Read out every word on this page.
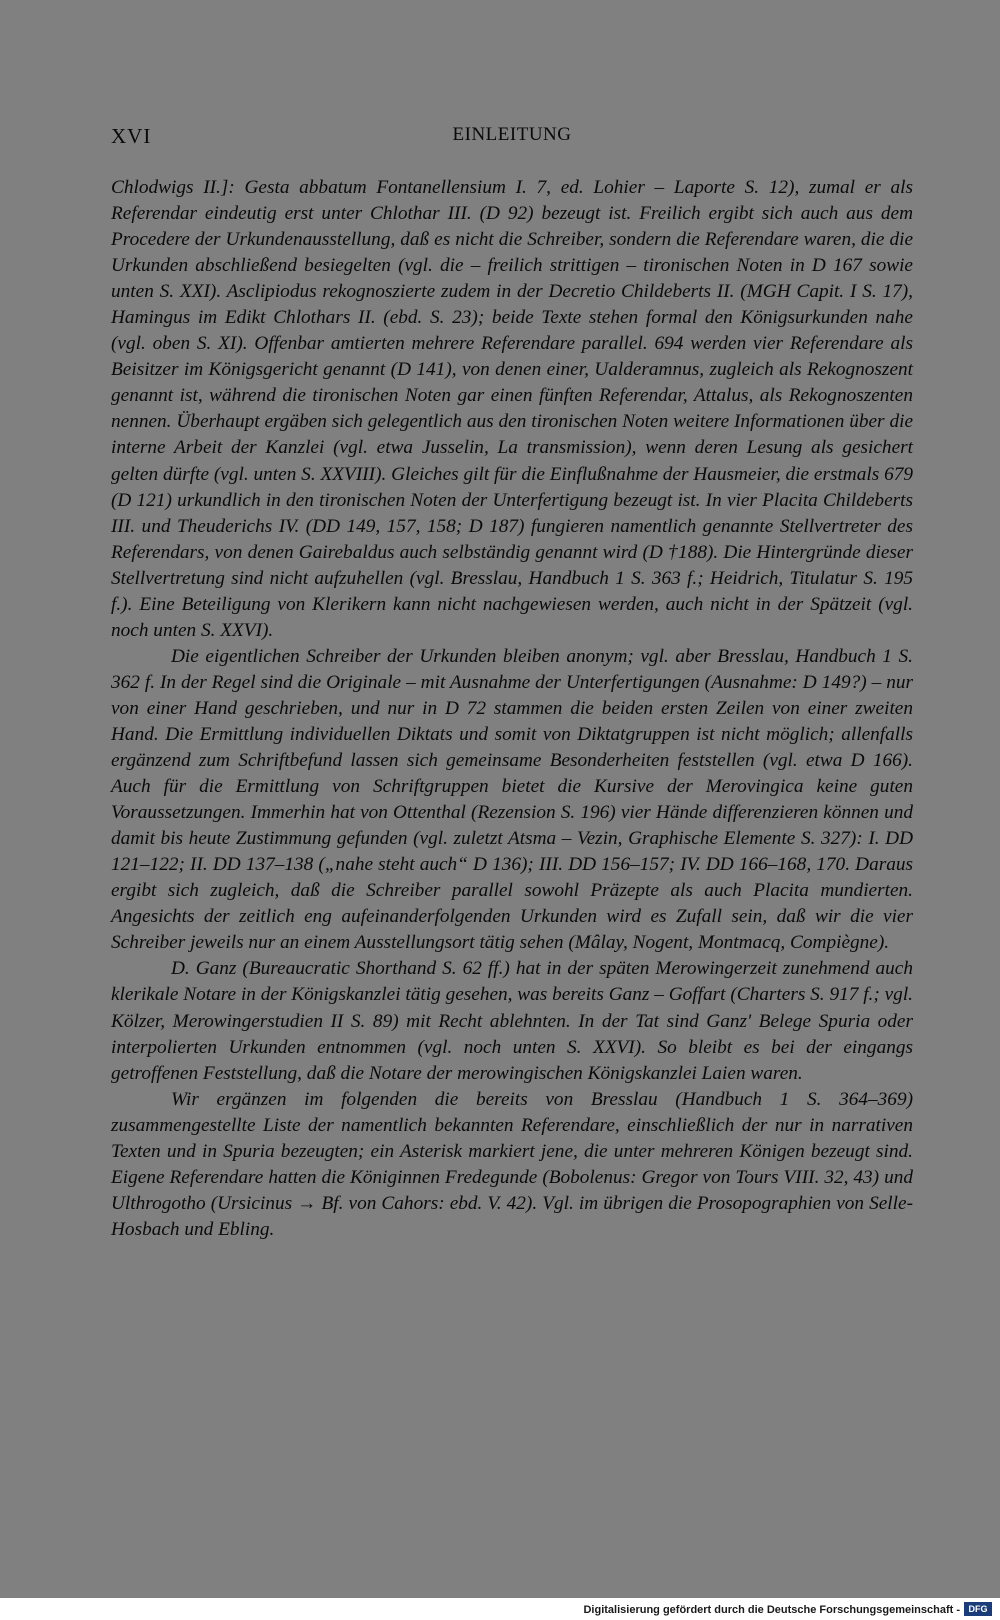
XVI	EINLEITUNG

Chlodwigs II.]: Gesta abbatum Fontanellensium I. 7, ed. Lohier – Laporte S. 12), zumal er als Referendar eindeutig erst unter Chlothar III. (D 92) bezeugt ist. Freilich ergibt sich auch aus dem Procedere der Urkundenausstellung, daß es nicht die Schreiber, sondern die Referendare waren, die die Urkunden abschließend besiegelten (vgl. die – freilich strittigen – tironischen Noten in D 167 sowie unten S. XXI). Asclipiodus rekognoszierte zudem in der Decretio Childeberts II. (MGH Capit. I S. 17), Hamingus im Edikt Chlothars II. (ebd. S. 23); beide Texte stehen formal den Königsurkunden nahe (vgl. oben S. XI). Offenbar amtierten mehrere Referendare parallel. 694 werden vier Referendare als Beisitzer im Königsgericht genannt (D 141), von denen einer, Ualderamnus, zugleich als Rekognoszent genannt ist, während die tironischen Noten gar einen fünften Referendar, Attalus, als Rekognoszenten nennen. Überhaupt ergäben sich gelegentlich aus den tironischen Noten weitere Informationen über die interne Arbeit der Kanzlei (vgl. etwa Jusselin, La transmission), wenn deren Lesung als gesichert gelten dürfte (vgl. unten S. XXVIII). Gleiches gilt für die Einflußnahme der Hausmeier, die erstmals 679 (D 121) urkundlich in den tironischen Noten der Unterfertigung bezeugt ist. In vier Placita Childeberts III. und Theuderichs IV. (DD 149, 157, 158; D 187) fungieren namentlich genannte Stellvertreter des Referendars, von denen Gairebaldus auch selbständig genannt wird (D †188). Die Hintergründe dieser Stellvertretung sind nicht aufzuhellen (vgl. Bresslau, Handbuch 1 S. 363 f.; Heidrich, Titulatur S. 195 f.). Eine Beteiligung von Klerikern kann nicht nachgewiesen werden, auch nicht in der Spätzeit (vgl. noch unten S. XXVI).

Die eigentlichen Schreiber der Urkunden bleiben anonym; vgl. aber Bresslau, Handbuch 1 S. 362 f. In der Regel sind die Originale – mit Ausnahme der Unterfertigungen (Ausnahme: D 149?) – nur von einer Hand geschrieben, und nur in D 72 stammen die beiden ersten Zeilen von einer zweiten Hand. Die Ermittlung individuellen Diktats und somit von Diktatgruppen ist nicht möglich; allenfalls ergänzend zum Schriftbefund lassen sich gemeinsame Besonderheiten feststellen (vgl. etwa D 166). Auch für die Ermittlung von Schriftgruppen bietet die Kursive der Merovingica keine guten Voraussetzungen. Immerhin hat von Ottenthal (Rezension S. 196) vier Hände differenzieren können und damit bis heute Zustimmung gefunden (vgl. zuletzt Atsma – Vezin, Graphische Elemente S. 327): I. DD 121–122; II. DD 137–138 („nahe steht auch“ D 136); III. DD 156–157; IV. DD 166–168, 170. Daraus ergibt sich zugleich, daß die Schreiber parallel sowohl Präzepte als auch Placita mundierten. Angesichts der zeitlich eng aufeinanderfolgenden Urkunden wird es Zufall sein, daß wir die vier Schreiber jeweils nur an einem Ausstellungsort tätig sehen (Mâlay, Nogent, Montmacq, Compiègne).

D. Ganz (Bureaucratic Shorthand S. 62 ff.) hat in der späten Merowingerzeit zunehmend auch klerikale Notare in der Königskanzlei tätig gesehen, was bereits Ganz – Goffart (Charters S. 917 f.; vgl. Kölzer, Merowingerstudien II S. 89) mit Recht ablehnten. In der Tat sind Ganz' Belege Spuria oder interpolierten Urkunden entnommen (vgl. noch unten S. XXVI). So bleibt es bei der eingangs getroffenen Feststellung, daß die Notare der merowingischen Königskanzlei Laien waren.

Wir ergänzen im folgenden die bereits von Bresslau (Handbuch 1 S. 364–369) zusammengestellte Liste der namentlich bekannten Referendare, einschließlich der nur in narrativen Texten und in Spuria bezeugten; ein Asterisk markiert jene, die unter mehreren Königen bezeugt sind. Eigene Referendare hatten die Königinnen Fredegunde (Bobolenus: Gregor von Tours VIII. 32, 43) und Ulthrogotho (Ursicinus → Bf. von Cahors: ebd. V. 42). Vgl. im übrigen die Prosopographien von Selle-Hosbach und Ebling.

Digitalisierung gefördert durch die Deutsche Forschungsgemeinschaft - DFG
